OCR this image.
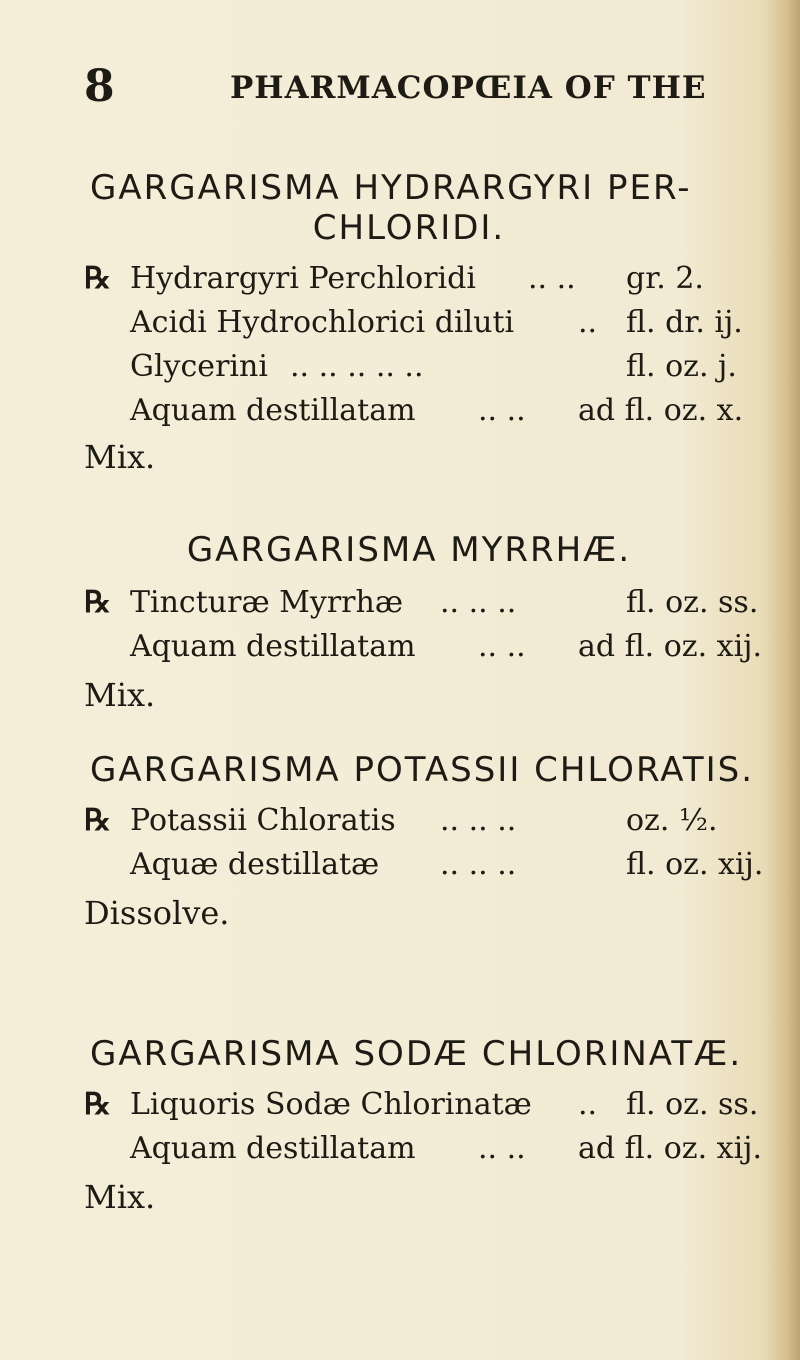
8	PHARMACOPŒIA OF THE
GARGARISMA HYDRARGYRI PER-
CHLORIDI.
℞ Hydrargyri Perchloridi .. .. gr. 2.
Acidi Hydrochlorici diluti .. fl. dr. ij.
Glycerini .. .. .. .. ..	fl. oz. j.
Aquam destillatam .. .. ad fl. oz. x.
Mix.
GARGARISMA MYRRHÆ.
℞ Tincturæ Myrrhæ .. .. ..	fl. oz. ss.
Aquam destillatam .. .. ad fl. oz. xij.
Mix.
GARGARISMA POTASSII CHLORATIS.
℞ Potassii Chloratis .. .. ..	oz. ½.
Aquæ destillatæ .. .. ..	fl. oz. xij.
Dissolve.
GARGARISMA SODÆ CHLORINATÆ.
℞ Liquoris Sodæ Chlorinatæ .. fl. oz. ss.
Aquam destillatam .. .. ad fl. oz. xij.
Mix.
